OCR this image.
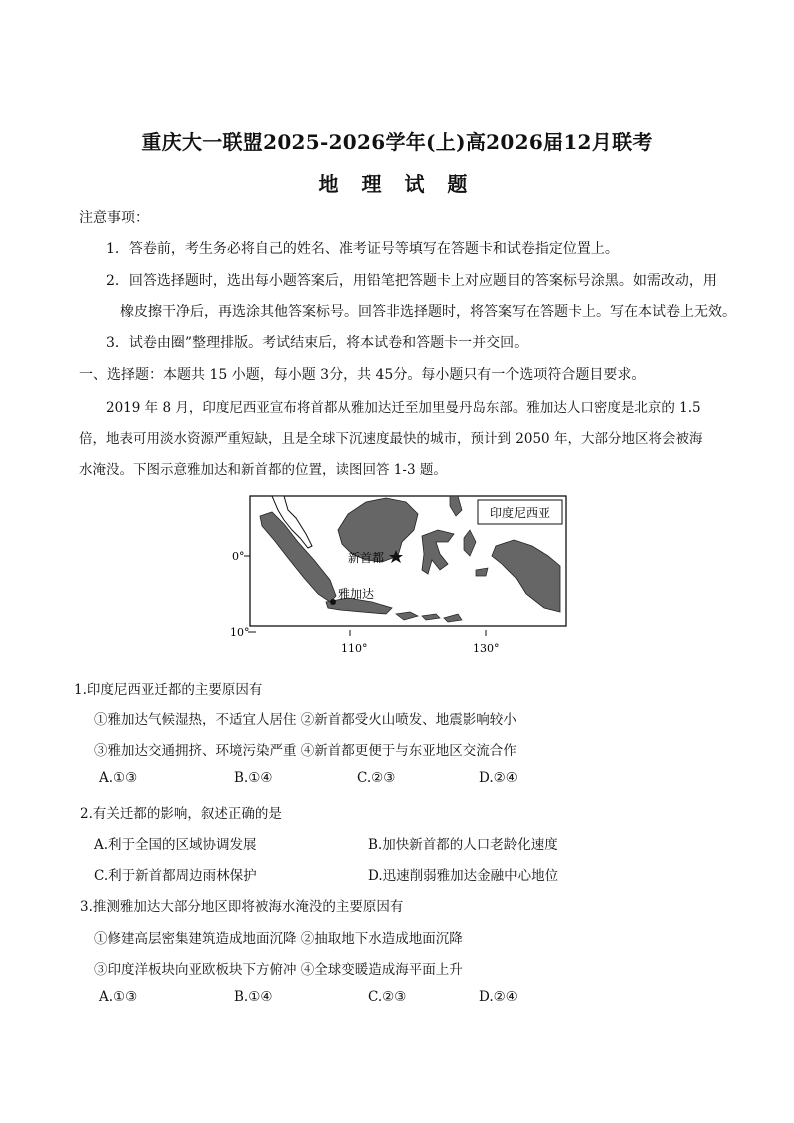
重庆大一联盟2025-2026学年(上)高2026届12月联考
地 理 试 题
注意事项：
1．答卷前，考生务必将自己的姓名、准考证号等填写在答题卡和试卷指定位置上。
2．回答选择题时，选出每小题答案后，用铅笔把答题卡上对应题目的答案标号涂黑。如需改动，用
橡皮擦干净后，再选涂其他答案标号。回答非选择题时，将答案写在答题卡上。写在本试卷上无效。
3．试卷由圈”整理排版。考试结束后，将本试卷和答题卡一并交回。
一、选择题：本题共 15 小题，每小题 3分，共 45分。每小题只有一个选项符合题目要求。
2019 年 8 月，印度尼西亚宣布将首都从雅加达迁至加里曼丹岛东部。雅加达人口密度是北京的 1.5
倍，地表可用淡水资源严重短缺，且是全球下沉速度最快的城市，预计到 2050 年，大部分地区将会被海
水淹没。下图示意雅加达和新首都的位置，读图回答 1-3 题。
印度尼西亚
新首都
雅加达
0°
10°
110°	130°
1.印度尼西亚迁都的主要原因有
①雅加达气候湿热，不适宜人居住 ②新首都受火山喷发、地震影响较小
③雅加达交通拥挤、环境污染严重 ④新首都更便于与东亚地区交流合作
A.①③	B.①④	C.②③	D.②④
2.有关迁都的影响，叙述正确的是
A.利于全国的区域协调发展	B.加快新首都的人口老龄化速度
C.利于新首都周边雨林保护	D.迅速削弱雅加达金融中心地位
3.推测雅加达大部分地区即将被海水淹没的主要原因有
①修建高层密集建筑造成地面沉降 ②抽取地下水造成地面沉降
③印度洋板块向亚欧板块下方俯冲 ④全球变暖造成海平面上升
A.①③	B.①④	C.②③	D.②④
